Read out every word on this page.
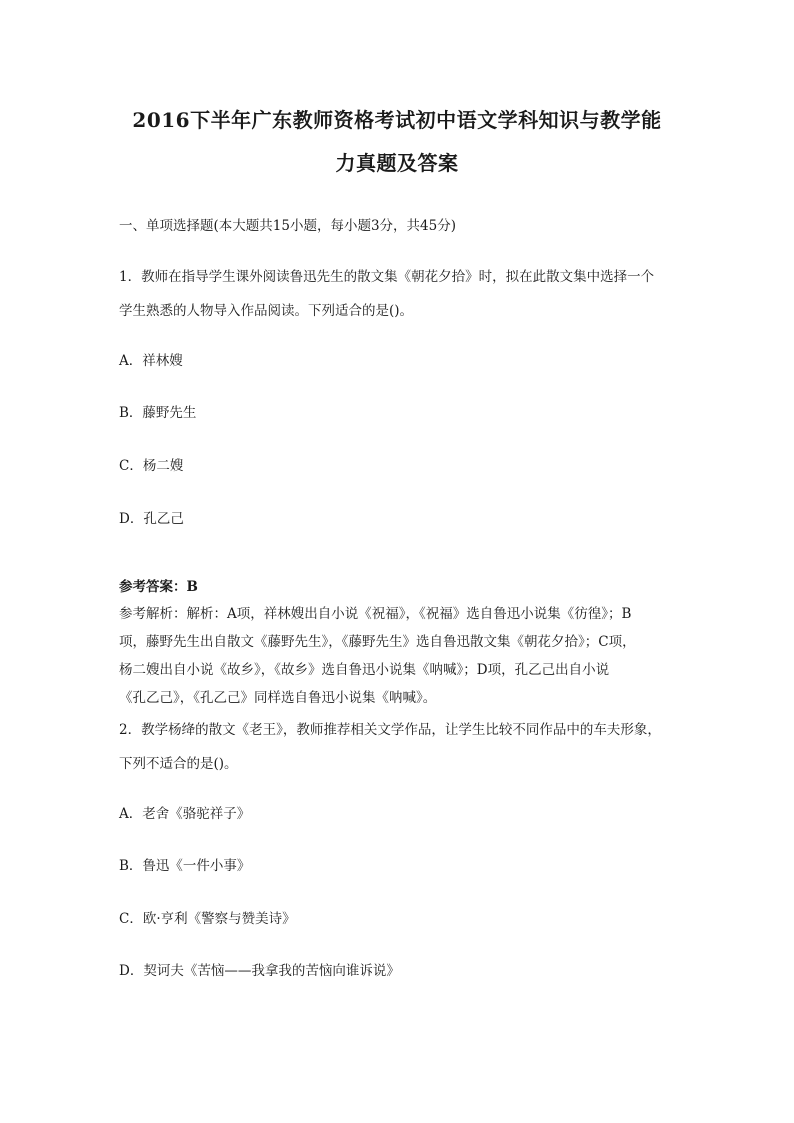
2016下半年广东教师资格考试初中语文学科知识与教学能
力真题及答案
一、单项选择题(本大题共15小题，每小题3分，共45分)
1．教师在指导学生课外阅读鲁迅先生的散文集《朝花夕拾》时，拟在此散文集中选择一个
学生熟悉的人物导入作品阅读。下列适合的是()。
A．祥林嫂
B．藤野先生
C．杨二嫂
D．孔乙己
参考答案：B
参考解析：解析：A项，祥林嫂出自小说《祝福》，《祝福》选自鲁迅小说集《彷徨》；B
项，藤野先生出自散文《藤野先生》，《藤野先生》选自鲁迅散文集《朝花夕拾》；C项，
杨二嫂出自小说《故乡》，《故乡》选自鲁迅小说集《呐喊》；D项，孔乙己出自小说
《孔乙己》，《孔乙己》同样选自鲁迅小说集《呐喊》。
2．教学杨绛的散文《老王》，教师推荐相关文学作品，让学生比较不同作品中的车夫形象，
下列不适合的是()。
A．老舍《骆驼祥子》
B．鲁迅《一件小事》
C．欧·亨利《警察与赞美诗》
D．契诃夫《苦恼——我拿我的苦恼向谁诉说》
